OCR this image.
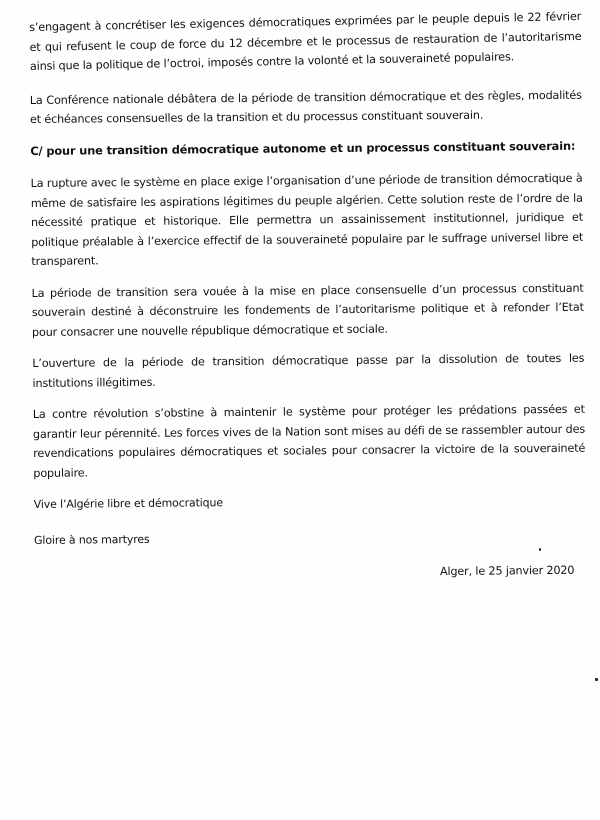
s’engagent à concrétiser les exigences démocratiques exprimées par le peuple depuis le 22 février et qui refusent le coup de force du 12 décembre et le processus de restauration de l’autoritarisme ainsi que la politique de l’octroi, imposés contre la volonté et la souveraineté populaires.

La Conférence nationale débâtera de la période de transition démocratique et des règles, modalités et échéances consensuelles de la transition et du processus constituant souverain.

C/ pour une transition démocratique autonome et un processus constituant souverain:

La rupture avec le système en place exige l’organisation d’une période de transition démocratique à même de satisfaire les aspirations légitimes du peuple algérien. Cette solution reste de l’ordre de la nécessité pratique et historique. Elle permettra un assainissement institutionnel, juridique et politique préalable à l’exercice effectif de la souveraineté populaire par le suffrage universel libre et transparent.

La période de transition sera vouée à la mise en place consensuelle d’un processus constituant souverain destiné à déconstruire les fondements de l’autoritarisme politique et à refonder l’Etat pour consacrer une nouvelle république démocratique et sociale.

L’ouverture de la période de transition démocratique passe par la dissolution de toutes les institutions illégitimes.

La contre révolution s’obstine à maintenir le système pour protéger les prédations passées et garantir leur pérennité. Les forces vives de la Nation sont mises au défi de se rassembler autour des revendications populaires démocratiques et sociales pour consacrer la victoire de la souveraineté populaire.

Vive l’Algérie libre et démocratique

Gloire à nos martyres

Alger, le 25 janvier 2020
